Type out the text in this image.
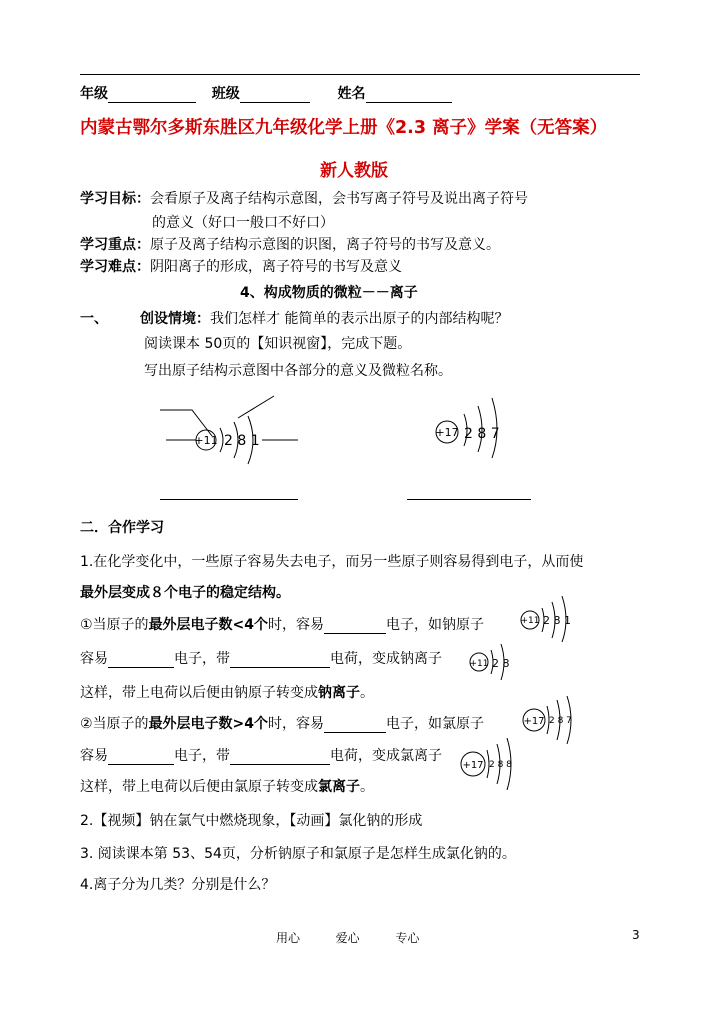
年级	班级	姓名
内蒙古鄂尔多斯东胜区九年级化学上册《2.3 离子》学案（无答案）
新人教版
学习目标：会看原子及离子结构示意图，会书写离子符号及说出离子符号
的意义（好口一般口不好口）
学习重点：原子及离子结构示意图的识图，离子符号的书写及意义。
学习难点：阴阳离子的形成，离子符号的书写及意义
4、构成物质的微粒－－离子
一、 创设情境：我们怎样才 能简单的表示出原子的内部结构呢？
阅读课本 50页的【知识视窗】，完成下题。
写出原子结构示意图中各部分的意义及微粒名称。
+11 2 8 1
+17 2 8 7
二．合作学习
1.在化学变化中，一些原子容易失去电子，而另一些原子则容易得到电子，从而使
最外层变成８个电子的稳定结构。
①当原子的最外层电子数<4个时，容易	电子，如钠原子
容易	电子，带	电荷，变成钠离子
这样，带上电荷以后便由钠原子转变成钠离子。
+11 2 8 1
+11 2 8
②当原子的最外层电子数>4个时，容易	电子，如氯原子
容易	电子，带	电荷，变成氯离子
这样，带上电荷以后便由氯原子转变成氯离子。
+17 2 8 7
+17 2 8 8
2.【视频】钠在氯气中燃烧现象，【动画】氯化钠的形成
3. 阅读课本第 53、54页，分析钠原子和氯原子是怎样生成氯化钠的。
4.离子分为几类？分别是什么？
用心	爱心	专心	3
